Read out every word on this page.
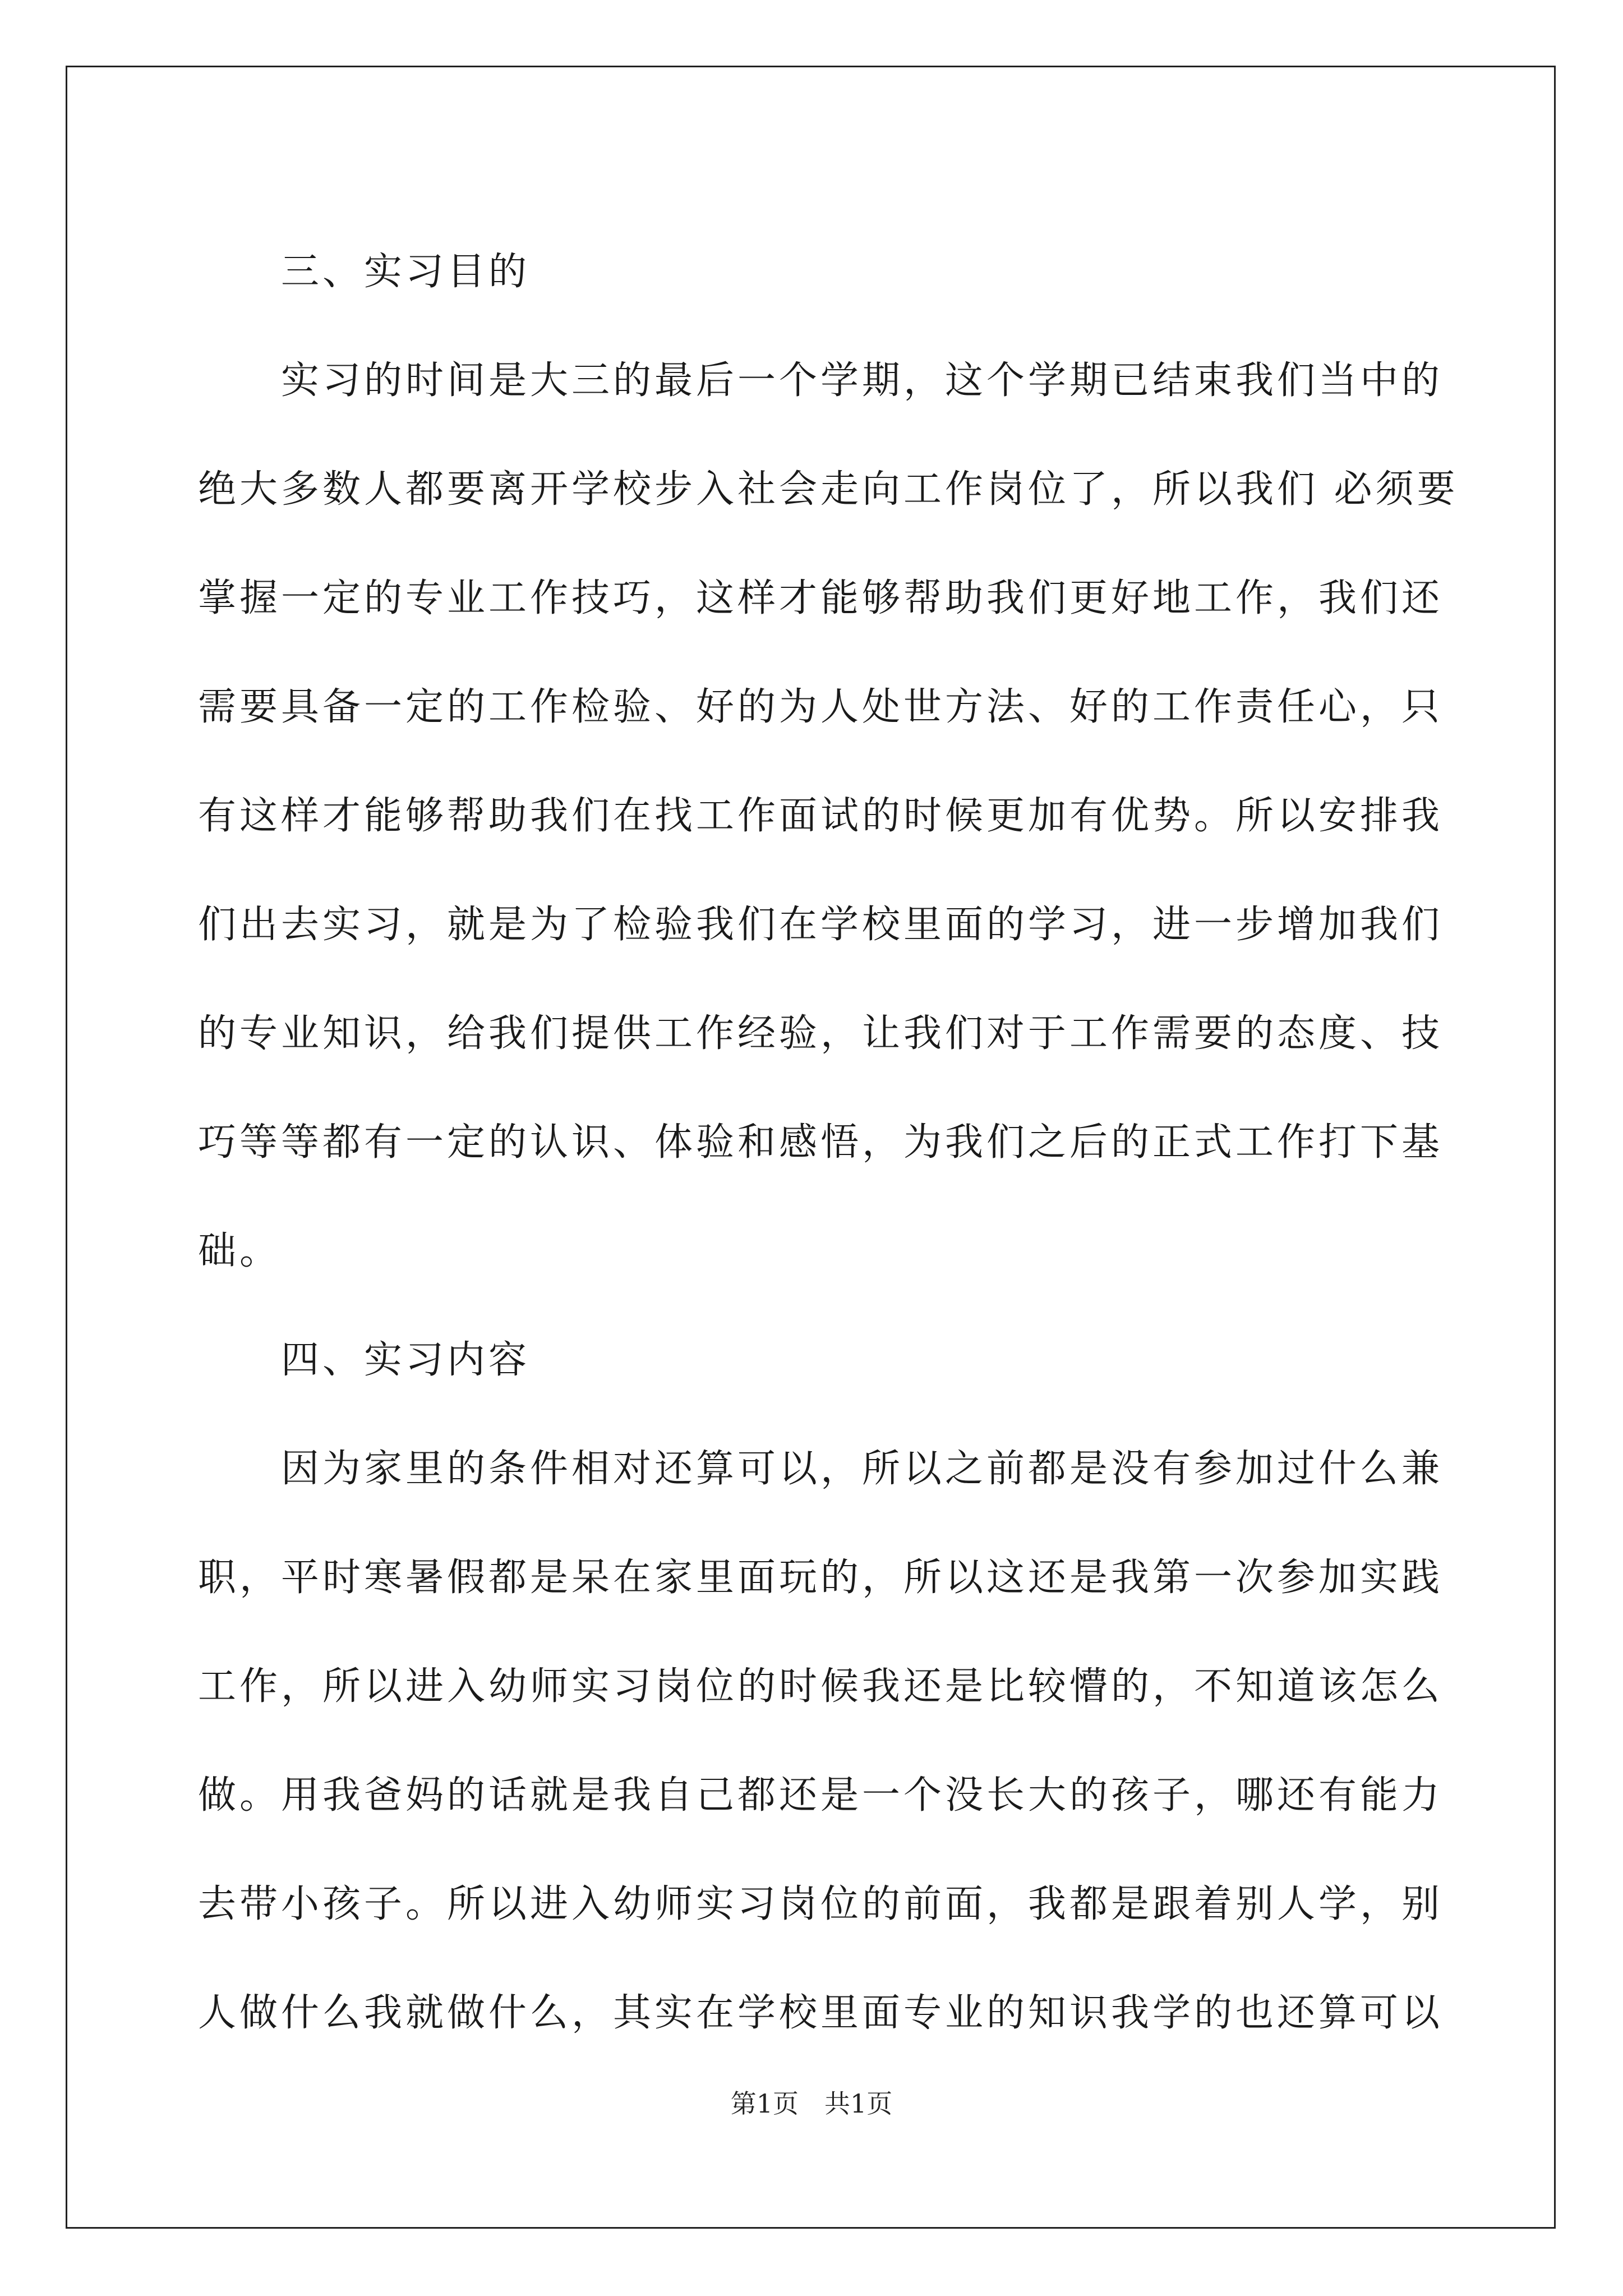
三、实习目的
实习的时间是大三的最后一个学期，这个学期已结束我们当中的
绝大多数人都要离开学校步入社会走向工作岗位了，所以我们 必须要
掌握一定的专业工作技巧，这样才能够帮助我们更好地工作，我们还
需要具备一定的工作检验、好的为人处世方法、好的工作责任心，只
有这样才能够帮助我们在找工作面试的时候更加有优势。所以安排我
们出去实习，就是为了检验我们在学校里面的学习，进一步增加我们
的专业知识，给我们提供工作经验，让我们对于工作需要的态度、技
巧等等都有一定的认识、体验和感悟，为我们之后的正式工作打下基
础。
四、实习内容
因为家里的条件相对还算可以，所以之前都是没有参加过什么兼
职，平时寒暑假都是呆在家里面玩的，所以这还是我第一次参加实践
工作，所以进入幼师实习岗位的时候我还是比较懵的，不知道该怎么
做。用我爸妈的话就是我自己都还是一个没长大的孩子，哪还有能力
去带小孩子。所以进入幼师实习岗位的前面，我都是跟着别人学，别
人做什么我就做什么，其实在学校里面专业的知识我学的也还算可以
第1页　共1页
